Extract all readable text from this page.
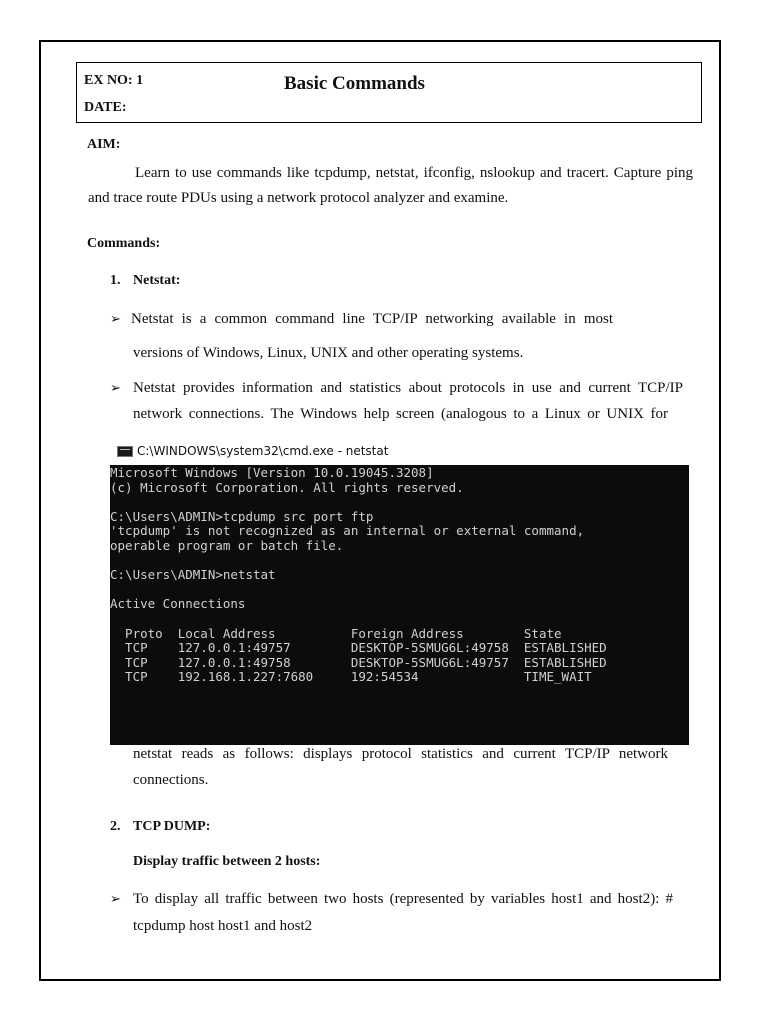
EX NO: 1
DATE:
Basic Commands
AIM:
Learn to use commands like tcpdump, netstat, ifconfig, nslookup and tracert. Capture ping
and trace route PDUs using a network protocol analyzer and examine.
Commands:
1. Netstat:
➢ Netstat is a common command line TCP/IP networking available in most
versions of Windows, Linux, UNIX and other operating systems.
➢ Netstat provides information and statistics about protocols in use and current TCP/IP
network connections. The Windows help screen (analogous to a Linux or UNIX for
C:\WINDOWS\system32\cmd.exe - netstat
Microsoft Windows [Version 10.0.19045.3208]
(c) Microsoft Corporation. All rights reserved.
C:\Users\ADMIN>tcpdump src port ftp
'tcpdump' is not recognized as an internal or external command,
operable program or batch file.
C:\Users\ADMIN>netstat
Active Connections
Proto  Local Address          Foreign Address        State
TCP    127.0.0.1:49757        DESKTOP-5SMUG6L:49758  ESTABLISHED
TCP    127.0.0.1:49758        DESKTOP-5SMUG6L:49757  ESTABLISHED
TCP    192.168.1.227:7680     192:54534              TIME_WAIT
netstat reads as follows: displays protocol statistics and current TCP/IP network
connections.
2. TCP DUMP:
Display traffic between 2 hosts:
➢ To display all traffic between two hosts (represented by variables host1 and host2): #
tcpdump host host1 and host2
